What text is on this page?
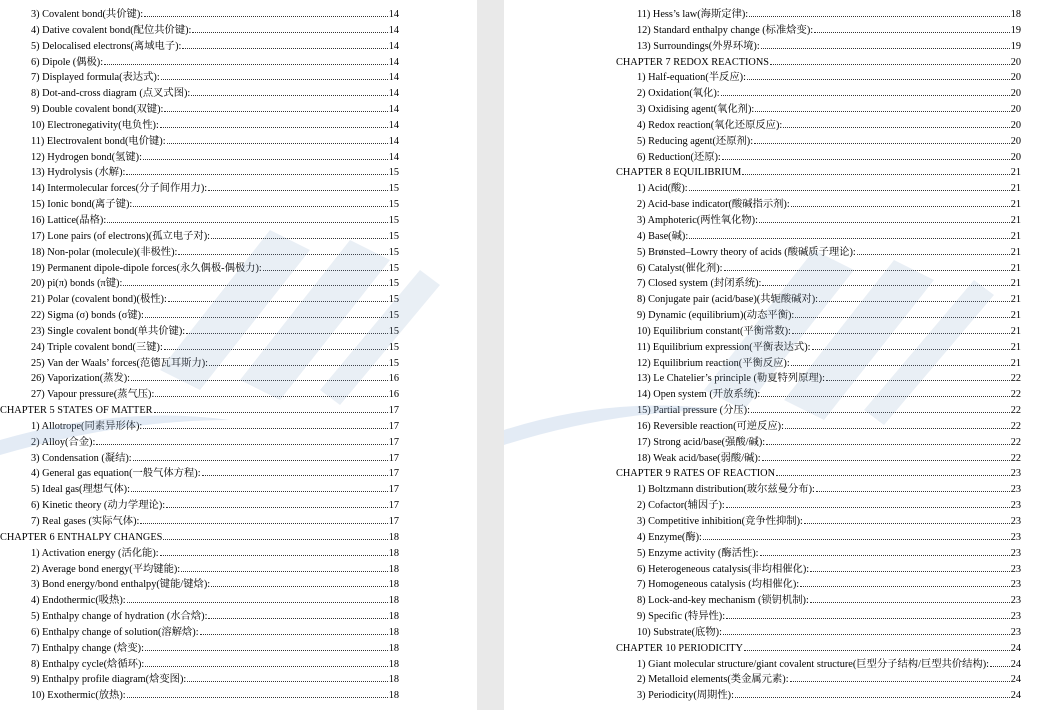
3) Covalent bond(共价键):	14
4) Dative covalent bond(配位共价键):	14
5) Delocalised electrons(离域电子):	14
6) Dipole (偶极):	14
7) Displayed formula(表达式):	14
8) Dot-and-cross diagram (点叉式图):	14
9) Double covalent bond(双键):	14
10) Electronegativity(电负性):	14
11) Electrovalent bond(电价键):	14
12) Hydrogen bond(氢键):	14
13) Hydrolysis (水解):	15
14) Intermolecular forces(分子间作用力):	15
15) Ionic bond(离子键):	15
16) Lattice(晶格):	15
17) Lone pairs (of electrons)(孤立电子对):	15
18) Non-polar (molecule)(非极性):	15
19) Permanent dipole-dipole forces(永久偶极-偶极力):	15
20) pi(π) bonds (π键):	15
21) Polar (covalent bond)(极性):	15
22) Sigma (σ) bonds (σ键):	15
23) Single covalent bond(单共价键):	15
24) Triple covalent bond(三键):	15
25) Van der Waals’ forces(范德瓦耳斯力):	15
26) Vaporization(蒸发):	16
27) Vapour pressure(蒸气压):	16
CHAPTER 5 STATES OF MATTER	17
1) Allotrope(同素异形体):	17
2) Alloy(合金):	17
3) Condensation (凝结):	17
4) General gas equation(一般气体方程):	17
5) Ideal gas(理想气体):	17
6) Kinetic theory (动力学理论):	17
7) Real gases (实际气体):	17
CHAPTER 6 ENTHALPY CHANGES	18
1) Activation energy (活化能):	18
2) Average bond energy(平均键能):	18
3) Bond energy/bond enthalpy(键能/键焓):	18
4) Endothermic(吸热):	18
5) Enthalpy change of hydration (水合焓):	18
6) Enthalpy change of solution(溶解焓):	18
7) Enthalpy change (焓变):	18
8) Enthalpy cycle(焓循环):	18
9) Enthalpy profile diagram(焓变图):	18
10) Exothermic(放热):	18
11) Hess’s law(海斯定律):	18
12) Standard enthalpy change (标准焓变):	19
13) Surroundings(外界环境):	19
CHAPTER 7 REDOX REACTIONS	20
1) Half-equation(半反应):	20
2) Oxidation(氧化):	20
3) Oxidising agent(氧化剂):	20
4) Redox reaction(氧化还原反应):	20
5) Reducing agent(还原剂):	20
6) Reduction(还原):	20
CHAPTER 8 EQUILIBRIUM	21
1) Acid(酸):	21
2) Acid-base indicator(酸碱指示剂):	21
3) Amphoteric(两性氧化物):	21
4) Base(碱):	21
5) Brønsted–Lowry theory of acids (酸碱质子理论):	21
6) Catalyst(催化剂):	21
7) Closed system (封闭系统):	21
8) Conjugate pair (acid/base)(共轭酸碱对):	21
9) Dynamic (equilibrium)(动态平衡):	21
10) Equilibrium constant(平衡常数):	21
11) Equilibrium expression(平衡表达式):	21
12) Equilibrium reaction(平衡反应):	21
13) Le Chatelier’s principle (勒夏特列原理):	22
14) Open system (开放系统):	22
15) Partial pressure (分压):	22
16) Reversible reaction(可逆反应):	22
17) Strong acid/base(强酸/碱):	22
18) Weak acid/base(弱酸/碱):	22
CHAPTER 9 RATES OF REACTION	23
1) Boltzmann distribution(玻尔兹曼分布):	23
2) Cofactor(辅因子):	23
3) Competitive inhibition(竞争性抑制):	23
4) Enzyme(酶):	23
5) Enzyme activity (酶活性):	23
6) Heterogeneous catalysis(非均相催化):	23
7) Homogeneous catalysis (均相催化):	23
8) Lock-and-key mechanism (锁钥机制):	23
9) Specific (特异性):	23
10) Substrate(底物):	23
CHAPTER 10 PERIODICITY	24
1) Giant molecular structure/giant covalent structure(巨型分子结构/巨型共价结构): 24
2) Metalloid elements(类金属元素):	24
3) Periodicity(周期性):	24
